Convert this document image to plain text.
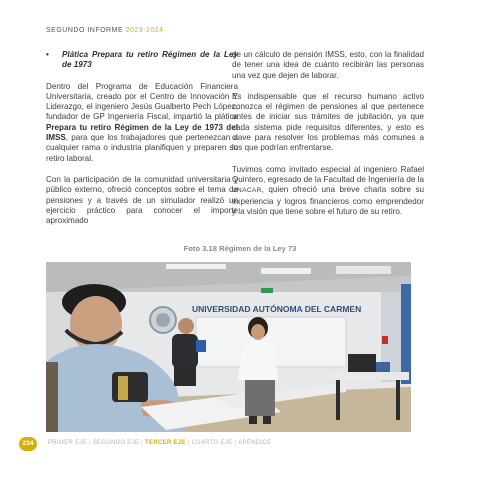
SEGUNDO INFORME 2023-2024
•	Plática Prepara tu retiro Régimen de la Ley de 1973

Dentro del Programa de Educación Financiera Universitaria, creado por el Centro de Innovación Y Liderazgo, el ingeniero Jesús Gualberto Pech López, fundador de GP Ingeniería Fiscal, impartió la plática Prepara tu retiro Régimen de la Ley de 1973 del IMSS, para que los trabajadores que pertenezcan a cualquier rama o industria planifiquen y preparen su retiro laboral.

Con la participación de la comunidad universitaria y público externo, ofreció conceptos sobre el tema de pensiones y a través de un simulador realizó un ejercicio práctico para conocer el importe aproximado

de un cálculo de pensión IMSS, esto, con la finalidad de tener una idea de cuánto recibirán las personas una vez que dejen de laborar.

Es indispensable que el recurso humano activo conozca el régimen de pensiones al que pertenece antes de iniciar sus trámites de jubilación, ya que cada sistema pide requisitos diferentes, y esto es clave para resolver los problemas más comunes a los que podrían enfrentarse.

Tuvimos como invitado especial al ingeniero Rafael Quintero, egresado de la Facultad de Ingeniería de la UNACAR, quien ofreció una breve charla sobre su experiencia y logros financieros como emprendedor y la visión que tiene sobre el futuro de su retiro.

Foto 3.18 Régimen de la Ley 73
UNIVERSIDAD AUTÓNOMA DEL CARMEN
234	PRIMER EJE | SEGUNDO EJE | TERCER EJE | CUARTO EJE | APÉNDICE
